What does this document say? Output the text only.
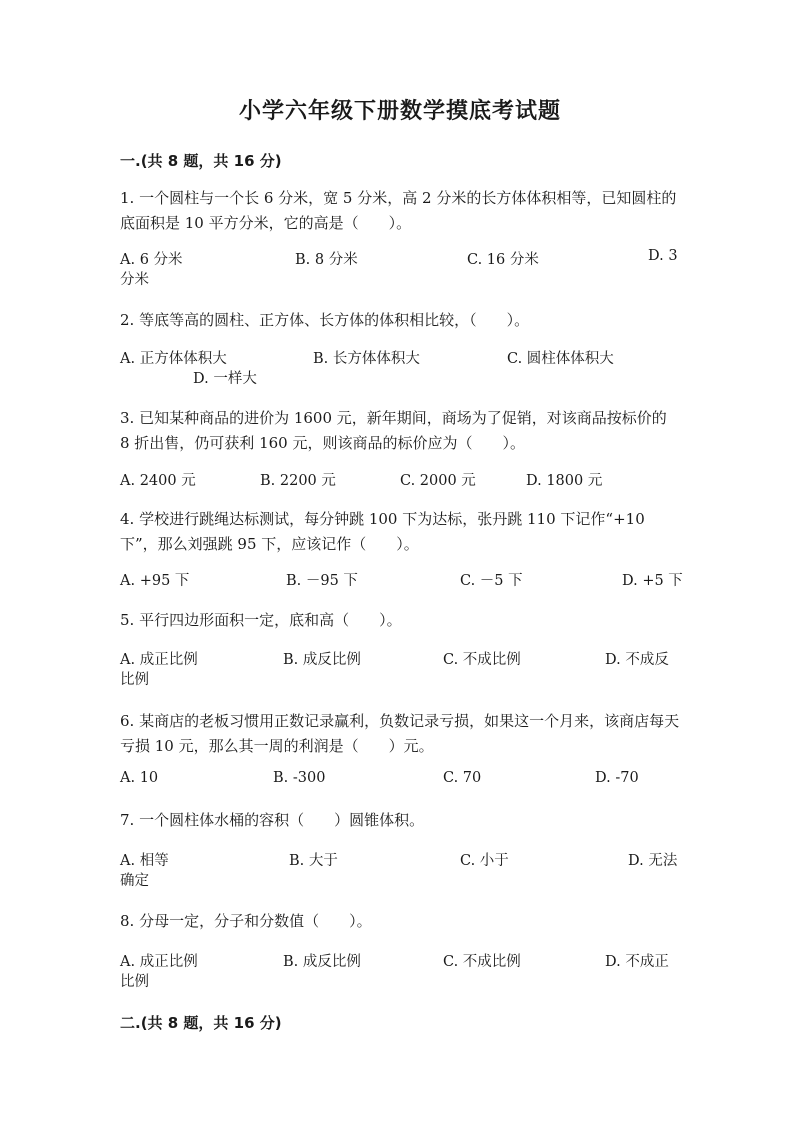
小学六年级下册数学摸底考试题
一.(共 8 题，共 16 分)
1. 一个圆柱与一个长 6 分米，宽 5 分米，高 2 分米的长方体体积相等，已知圆柱的底面积是 10 平方分米，它的高是（　　）。
A. 6 分米	B. 8 分米	C. 16 分米	D. 3
分米
2. 等底等高的圆柱、正方体、长方体的体积相比较，（　　）。
A. 正方体体积大	B. 长方体体积大	C. 圆柱体体积大
D. 一样大
3. 已知某种商品的进价为 1600 元，新年期间，商场为了促销，对该商品按标价的 8 折出售，仍可获利 160 元，则该商品的标价应为（　　）。
A. 2400 元	B. 2200 元	C. 2000 元	D. 1800 元
4. 学校进行跳绳达标测试，每分钟跳 100 下为达标，张丹跳 110 下记作“+10 下”，那么刘强跳 95 下，应该记作（　　）。
A. +95 下	B. －95 下	C. －5 下	D. +5 下
5. 平行四边形面积一定，底和高（　　）。
A. 成正比例	B. 成反比例	C. 不成比例	D. 不成反
比例
6. 某商店的老板习惯用正数记录赢利，负数记录亏损，如果这一个月来，该商店每天亏损 10 元，那么其一周的利润是（　　）元。
A. 10	B. -300	C. 70	D. -70
7. 一个圆柱体水桶的容积（　　）圆锥体积。
A. 相等	B. 大于	C. 小于	D. 无法
确定
8. 分母一定，分子和分数值（　　）。
A. 成正比例	B. 成反比例	C. 不成比例	D. 不成正
比例
二.(共 8 题，共 16 分)
